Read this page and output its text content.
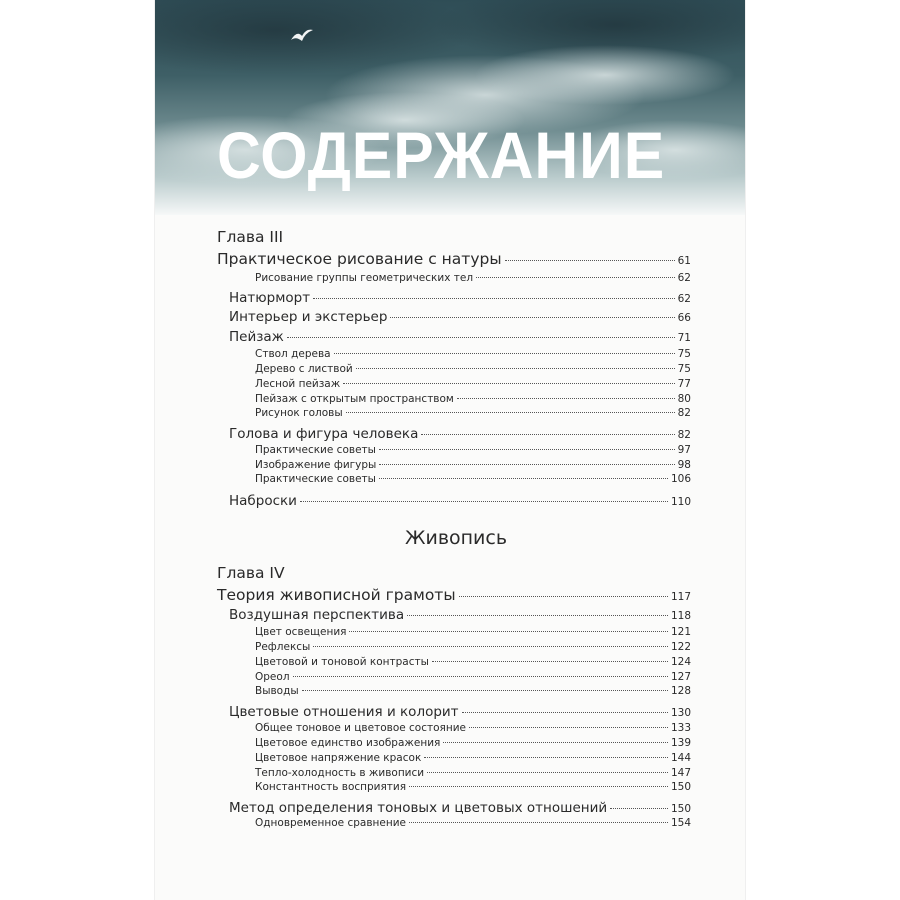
СОДЕРЖАНИЕ
Глава III
Практическое рисование с натуры	61
Рисование группы геометрических тел	62
Натюрморт	62
Интерьер и экстерьер	66
Пейзаж	71
Ствол дерева	75
Дерево с листвой	75
Лесной пейзаж	77
Пейзаж с открытым пространством	80
Рисунок головы	82
Голова и фигура человека	82
Практические советы	97
Изображение фигуры	98
Практические советы	106
Наброски	110
Живопись
Глава IV
Теория живописной грамоты	117
Воздушная перспектива	118
Цвет освещения	121
Рефлексы	122
Цветовой и тоновой контрасты	124
Ореол	127
Выводы	128
Цветовые отношения и колорит	130
Общее тоновое и цветовое состояние	133
Цветовое единство изображения	139
Цветовое напряжение красок	144
Тепло-холодность в живописи	147
Константность восприятия	150
Метод определения тоновых и цветовых отношений	150
Одновременное сравнение	154
